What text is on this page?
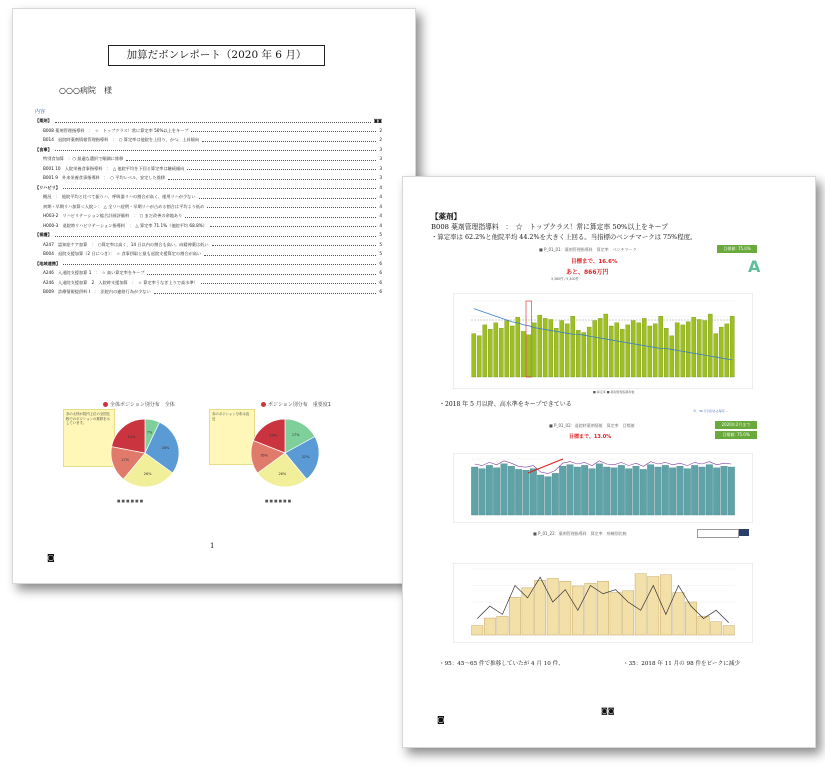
加算だボンレポート（2020 年 6 月）
○○○病院　様
内容
【薬剤】	◙◙
B008 薬剤管理指導料　：　☆　トップクラス！常に算定率 50%以上をキープ	2
B014　退院時薬剤情報管理指導料　：　○ 算定率は他院を上回り、かつ、上昇傾向	2
【食事】	3
特別食加算　：○ 最適な選択で順調に推移	3
B001 10　入院栄養食事指導料　：　△ 他院平均を下回る算定率は継続傾向	3
B001 9　外来栄養食事指導料　：　○ 平均レベル、安定した推移	3
【リハビリ】	4
概況　：　他院平均と比べて振りハ、呼吸器リハの割合が高く、運用リハが少ない	4
初期・早期リハ加算＜入院＞：　△ 全リハ症例・早期リハが占める割合は平均より低め	4
H003-2　リハビリテーション総合計画評価料　：　○ まだ改善の余地あり	4
H000-3　退院時リハビリテーション指導料　：　△ 算定率 71.1%（他院平均 68.8%）	4
【看護】	5
A247　認知症ケア加算　：　○算定率は高く、14 日以内の割合も高い。向精神薬は低い	5
B004　退院支援加算（2 日につき）：　☆ 食事摂取と最も退院支援算定の割合が高い	5
【地域連携】	6
A246　入退院支援加算 1　：　☆ 高い算定率をキープ	6
A246　入退院支援加算　2　入院時支援加算　：　☆ 算定率うなぎ上りで高水準！	6
B009　診療情報提供料 I　：　法院内の連絡行為が少ない	6
全体ポジション別分布　全体
赤の太枠が院内上位の全国比較でのポジションの推移を示しています。
7%
28%
26%
17%
22%
■ ■ ■ ■ ■ ■
ポジション別分布　重要度1
赤のポジション分布は直近
17%
22%
26%
16%
19%
■ ■ ■ ■ ■ ■
1
◙
【薬剤】
B008 薬剤管理指導料　：　☆　トップクラス！常に算定率 50%以上をキープ
・算定率は 62.2%と他院平均 44.2%を大きく上回る。当指標のベンチマークは 75%程度。
■ P_01_01：薬剤管理指導料　算定率　ベンチマーク
目標まで、16.6%
あと、866万円
3,360件 / 5,400件
目標値: 75.0%
A
■ 算定率 ■ 薬剤管理指導件数
・2018 年 5 月以降、高水準をキープできている
今、30 万円がある毎月…
■ P_01_02：退院時薬剤情報　算定率　目標値
目標まで、13.0%
2020年2月まで
目標値: 75.0%
■ P_01_22：薬剤管理指導料　算定率　病棟別比較
・95：45～65 件で推移していたが 4 月 10 件、	・35：2018 年 11 月の 98 件をピークに減少
◙◙
◙
